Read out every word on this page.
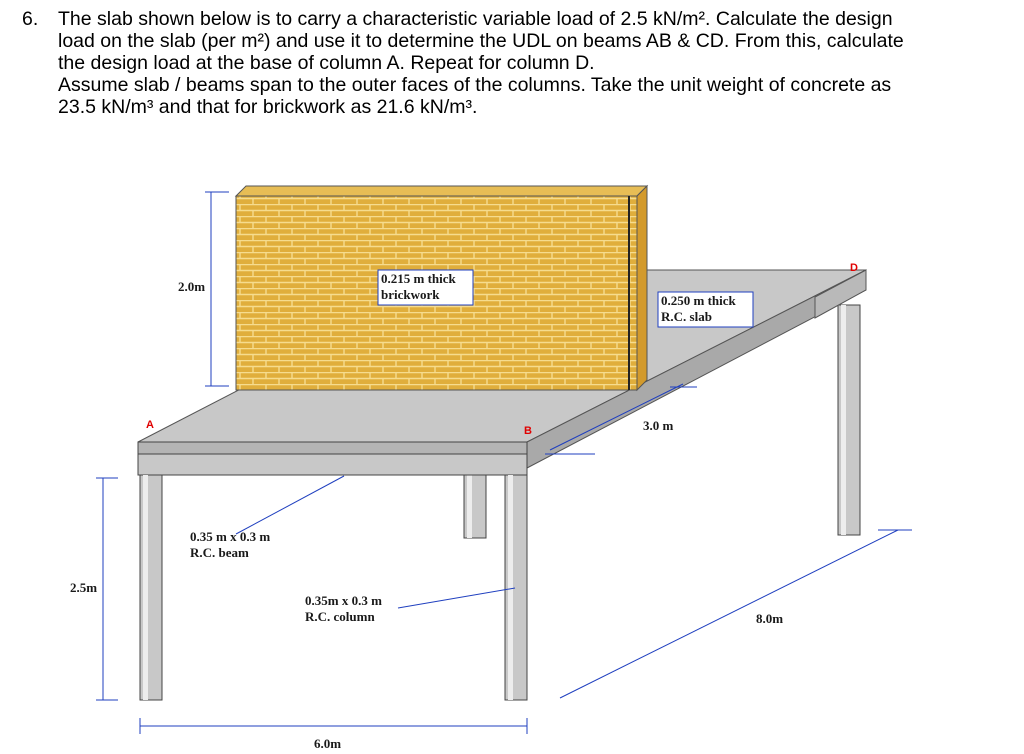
6. The slab shown below is to carry a characteristic variable load of 2.5 kN/m². Calculate the design
load on the slab (per m²) and use it to determine the UDL on beams AB & CD. From this, calculate
the design load at the base of column A. Repeat for column D.
Assume slab / beams span to the outer faces of the columns. Take the unit weight of concrete as
23.5 kN/m³ and that for brickwork as 21.6 kN/m³.
A	B
D
2.0m
0.215 m thick
brickwork	0.250 m thick
R.C. slab
3.0 m
0.35 m x 0.3 m
R.C. beam
2.5m
0.35m x 0.3 m
R.C. column
6.0m
8.0m
